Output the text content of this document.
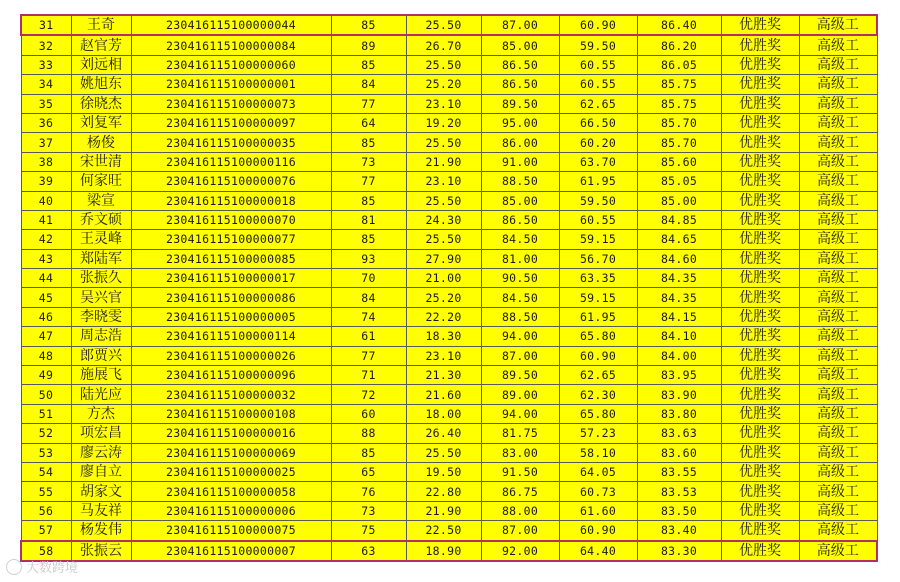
31	王奇	230416115100000044	85	25.50	87.00	60.90	86.40	优胜奖	高级工
32	赵官芳	230416115100000084	89	26.70	85.00	59.50	86.20	优胜奖	高级工
33	刘远相	230416115100000060	85	25.50	86.50	60.55	86.05	优胜奖	高级工
34	姚旭东	230416115100000001	84	25.20	86.50	60.55	85.75	优胜奖	高级工
35	徐晓杰	230416115100000073	77	23.10	89.50	62.65	85.75	优胜奖	高级工
36	刘复军	230416115100000097	64	19.20	95.00	66.50	85.70	优胜奖	高级工
37	杨俊	230416115100000035	85	25.50	86.00	60.20	85.70	优胜奖	高级工
38	宋世清	230416115100000116	73	21.90	91.00	63.70	85.60	优胜奖	高级工
39	何家旺	230416115100000076	77	23.10	88.50	61.95	85.05	优胜奖	高级工
40	梁宣	230416115100000018	85	25.50	85.00	59.50	85.00	优胜奖	高级工
41	乔文硕	230416115100000070	81	24.30	86.50	60.55	84.85	优胜奖	高级工
42	王灵峰	230416115100000077	85	25.50	84.50	59.15	84.65	优胜奖	高级工
43	郑陆军	230416115100000085	93	27.90	81.00	56.70	84.60	优胜奖	高级工
44	张振久	230416115100000017	70	21.00	90.50	63.35	84.35	优胜奖	高级工
45	吴兴官	230416115100000086	84	25.20	84.50	59.15	84.35	优胜奖	高级工
46	李晓雯	230416115100000005	74	22.20	88.50	61.95	84.15	优胜奖	高级工
47	周志浩	230416115100000114	61	18.30	94.00	65.80	84.10	优胜奖	高级工
48	郎贾兴	230416115100000026	77	23.10	87.00	60.90	84.00	优胜奖	高级工
49	施展飞	230416115100000096	71	21.30	89.50	62.65	83.95	优胜奖	高级工
50	陆光应	230416115100000032	72	21.60	89.00	62.30	83.90	优胜奖	高级工
51	方杰	230416115100000108	60	18.00	94.00	65.80	83.80	优胜奖	高级工
52	项宏昌	230416115100000016	88	26.40	81.75	57.23	83.63	优胜奖	高级工
53	廖云涛	230416115100000069	85	25.50	83.00	58.10	83.60	优胜奖	高级工
54	廖自立	230416115100000025	65	19.50	91.50	64.05	83.55	优胜奖	高级工
55	胡家文	230416115100000058	76	22.80	86.75	60.73	83.53	优胜奖	高级工
56	马友祥	230416115100000006	73	21.90	88.00	61.60	83.50	优胜奖	高级工
57	杨发伟	230416115100000075	75	22.50	87.00	60.90	83.40	优胜奖	高级工
58	张振云	230416115100000007	63	18.90	92.00	64.40	83.30	优胜奖	高级工
大数跨境
